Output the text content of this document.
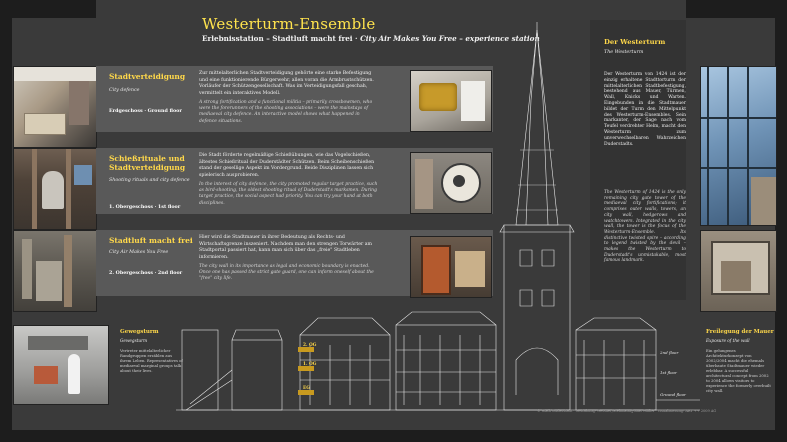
Westerturm-Ensemble
Erlebnisstation – Stadtluft macht frei · City Air Makes You Free – experience station
Stadtverteidigung
City defence
Erdgeschoss · Ground floor
Zur mittelalterlichen Stadtverteidigung gehörte eine starke Befestigung und eine funktionierende Bürgerwehr, allen voran die Armbrustschützen. Vorläufer der Schützengesellschaft. Was im Verteidigungsfall geschah, vermittelt ein interaktives Modell.
A strong fortification and a functional militia – primarily crossbowmen, who were the forerunners of the shooting associations – were the mainstays of mediaeval city defence. An interactive model shows what happened in defence situations.
Schießrituale und Stadtverteidigung
Shooting rituals and city defence
1. Obergeschoss · 1st floor
Die Stadt förderte regelmäßige Schießübungen, wie das Vogelschießen, ältestes Schießritual der Duderstädter Schützen. Beim Scheibenschießen stand der gesellige Aspekt im Vordergrund. Beide Disziplinen lassen sich spielerisch ausprobieren.
In the interest of city defence, the city promoted regular target practice, such as bird-shooting, the oldest shooting ritual of Duderstadt's marksmen. During target practice, the social aspect had priority. You can try your hand at both disciplines.
Stadtluft macht frei
City Air Makes You Free
2. Obergeschoss · 2nd floor
Hier wird die Stadtmauer in ihrer Bedeutung als Rechts- und Wirtschaftsgrenze inszeniert. Nachdem man den strengen Torwärter am Stadtportal passiert hat, kann man sich über das „freie" Stadtleben informieren.
The city wall in its importance as legal and economic boundary is enacted. Once one has passed the strict gate guard, one can inform oneself about the "free" city life.
Der Westerturm
The Westerturm
Der Westerturm von 1424 ist der einzig erhaltene Stadttorturm der mittelalterlichen Stadtbefestigung, bestehend aus Mauer, Türmen, Wall, Knicks und Warten. Eingebunden in die Stadtmauer bildet der Turm den Mittelpunkt des Westerturm-Ensembles. Sein markanter, der Sage nach vom Teufel verdrehter Helm, macht den Westerturm zum unverwechselbaren Wahrzeichen Duderstadts.
The Westerturm of 1424 is the only remaining city gate tower of the mediaeval city fortifications; it comprises outer walls, towers, an city wall, hedgerows and watchtowers. Integrated in the city wall, the tower is the focus of the Westerturm-Ensemble. Its distinctive twisted spire – according to legend twisted by the devil – makes the Westerturm to Duderstadt's unmistakable, most famous landmark.
Gewegsturm
Gewegsturm
Vertreter mittelalterlicher Randgruppen erzählen aus ihrem Leben. Representatives of mediaeval marginal groups talk about their lives.
Freilegung der Mauer
Exposure of the wall
Ein gelungenes Architekturkonzept von 2002/2004 macht die ehemals überbaute Stadtmauer wieder erlebbar. A successful architectural concept from 2002 to 2004 allows visitors to experience the formerly overbuilt city wall.
2. OG
1. OG
EG
2nd floor
1st floor
Ground floor
© Stadt Duderstadt · Gestaltung: Gessner/Stehmann/Jonas GmbH · Visualisierung: ART ++ 2009 AG
